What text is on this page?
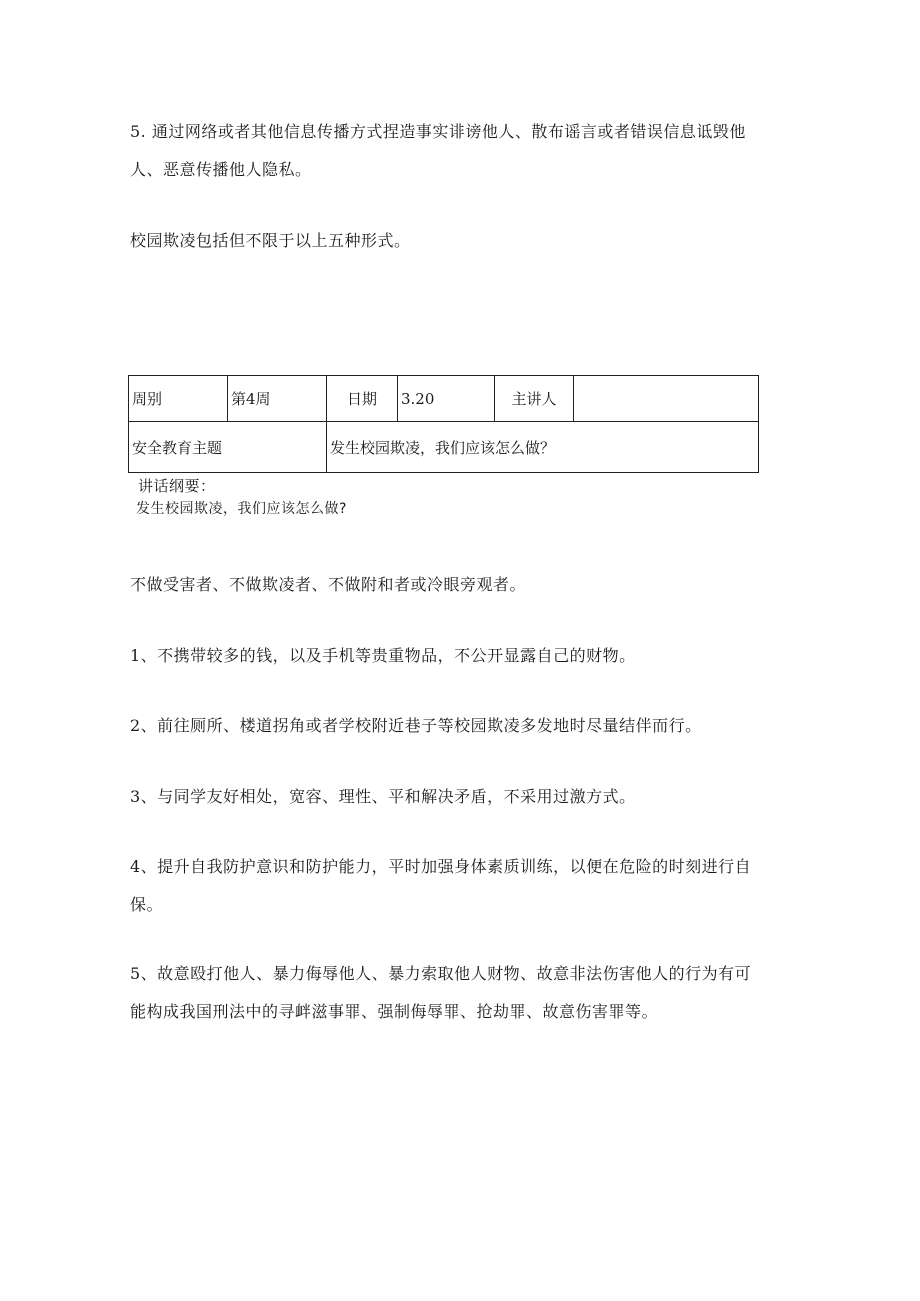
5. 通过网络或者其他信息传播方式捏造事实诽谤他人、散布谣言或者错误信息诋毁他人、恶意传播他人隐私。

校园欺凌包括但不限于以上五种形式。

周别	第4周	日期	3.20	主讲人	
安全教育主题		发生校园欺凌，我们应该怎么做？			
讲话纲要：
发生校园欺凌，我们应该怎么做?

不做受害者、不做欺凌者、不做附和者或冷眼旁观者。

1、不携带较多的钱，以及手机等贵重物品，不公开显露自己的财物。

2、前往厕所、楼道拐角或者学校附近巷子等校园欺凌多发地时尽量结伴而行。

3、与同学友好相处，宽容、理性、平和解决矛盾，不采用过激方式。

4、提升自我防护意识和防护能力，平时加强身体素质训练，以便在危险的时刻进行自保。

5、故意殴打他人、暴力侮辱他人、暴力索取他人财物、故意非法伤害他人的行为有可能构成我国刑法中的寻衅滋事罪、强制侮辱罪、抢劫罪、故意伤害罪等。
